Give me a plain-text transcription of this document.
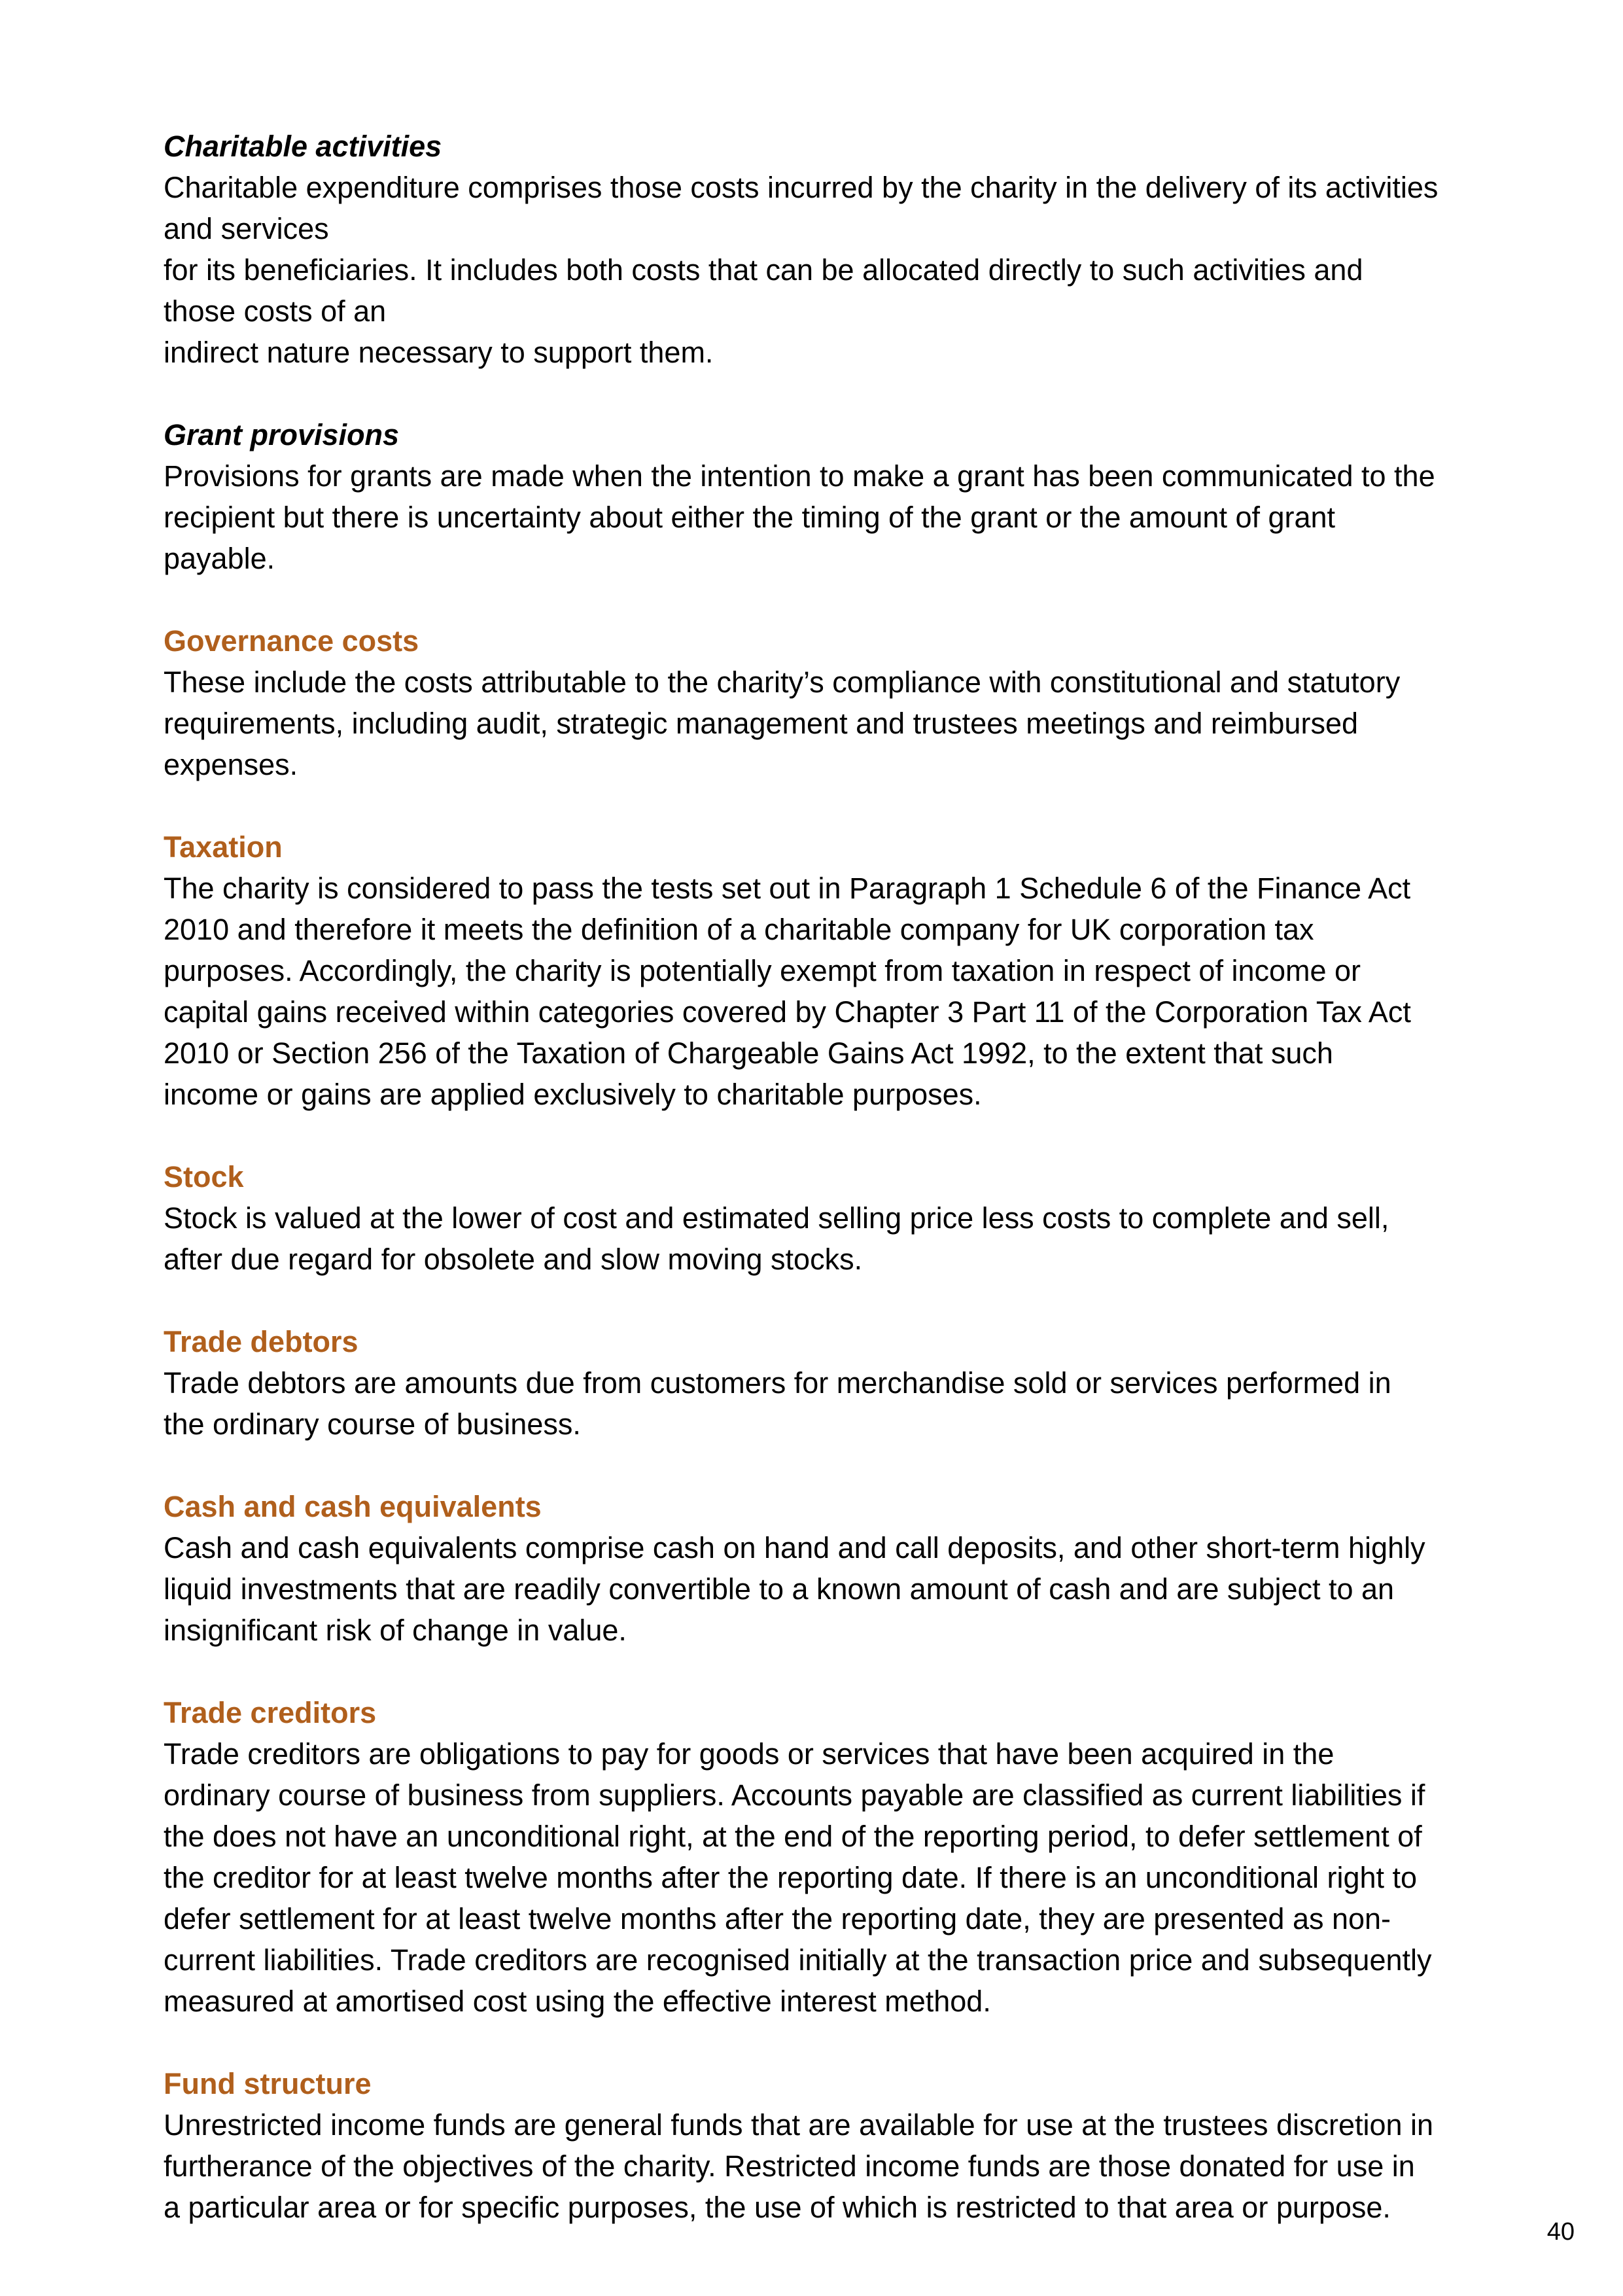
Charitable activities
Charitable expenditure comprises those costs incurred by the charity in the delivery of its activities
and services
for its beneficiaries. It includes both costs that can be allocated directly to such activities and
those costs of an
indirect nature necessary to support them.
Grant provisions
Provisions for grants are made when the intention to make a grant has been communicated to the
recipient but there is uncertainty about either the timing of the grant or the amount of grant
payable.
Governance costs
These include the costs attributable to the charity’s compliance with constitutional and statutory
requirements, including audit, strategic management and trustees meetings and reimbursed
expenses.
Taxation
The charity is considered to pass the tests set out in Paragraph 1 Schedule 6 of the Finance Act
2010 and therefore it meets the definition of a charitable company for UK corporation tax
purposes. Accordingly, the charity is potentially exempt from taxation in respect of income or
capital gains received within categories covered by Chapter 3 Part 11 of the Corporation Tax Act
2010 or Section 256 of the Taxation of Chargeable Gains Act 1992, to the extent that such
income or gains are applied exclusively to charitable purposes.
Stock
Stock is valued at the lower of cost and estimated selling price less costs to complete and sell,
after due regard for obsolete and slow moving stocks.
Trade debtors
Trade debtors are amounts due from customers for merchandise sold or services performed in
the ordinary course of business.
Cash and cash equivalents
Cash and cash equivalents comprise cash on hand and call deposits, and other short-term highly
liquid investments that are readily convertible to a known amount of cash and are subject to an
insignificant risk of change in value.
Trade creditors
Trade creditors are obligations to pay for goods or services that have been acquired in the
ordinary course of business from suppliers. Accounts payable are classified as current liabilities if
the does not have an unconditional right, at the end of the reporting period, to defer settlement of
the creditor for at least twelve months after the reporting date. If there is an unconditional right to
defer settlement for at least twelve months after the reporting date, they are presented as non-
current liabilities. Trade creditors are recognised initially at the transaction price and subsequently
measured at amortised cost using the effective interest method.
Fund structure
Unrestricted income funds are general funds that are available for use at the trustees discretion in
furtherance of the objectives of the charity. Restricted income funds are those donated for use in
a particular area or for specific purposes, the use of which is restricted to that area or purpose.
40
